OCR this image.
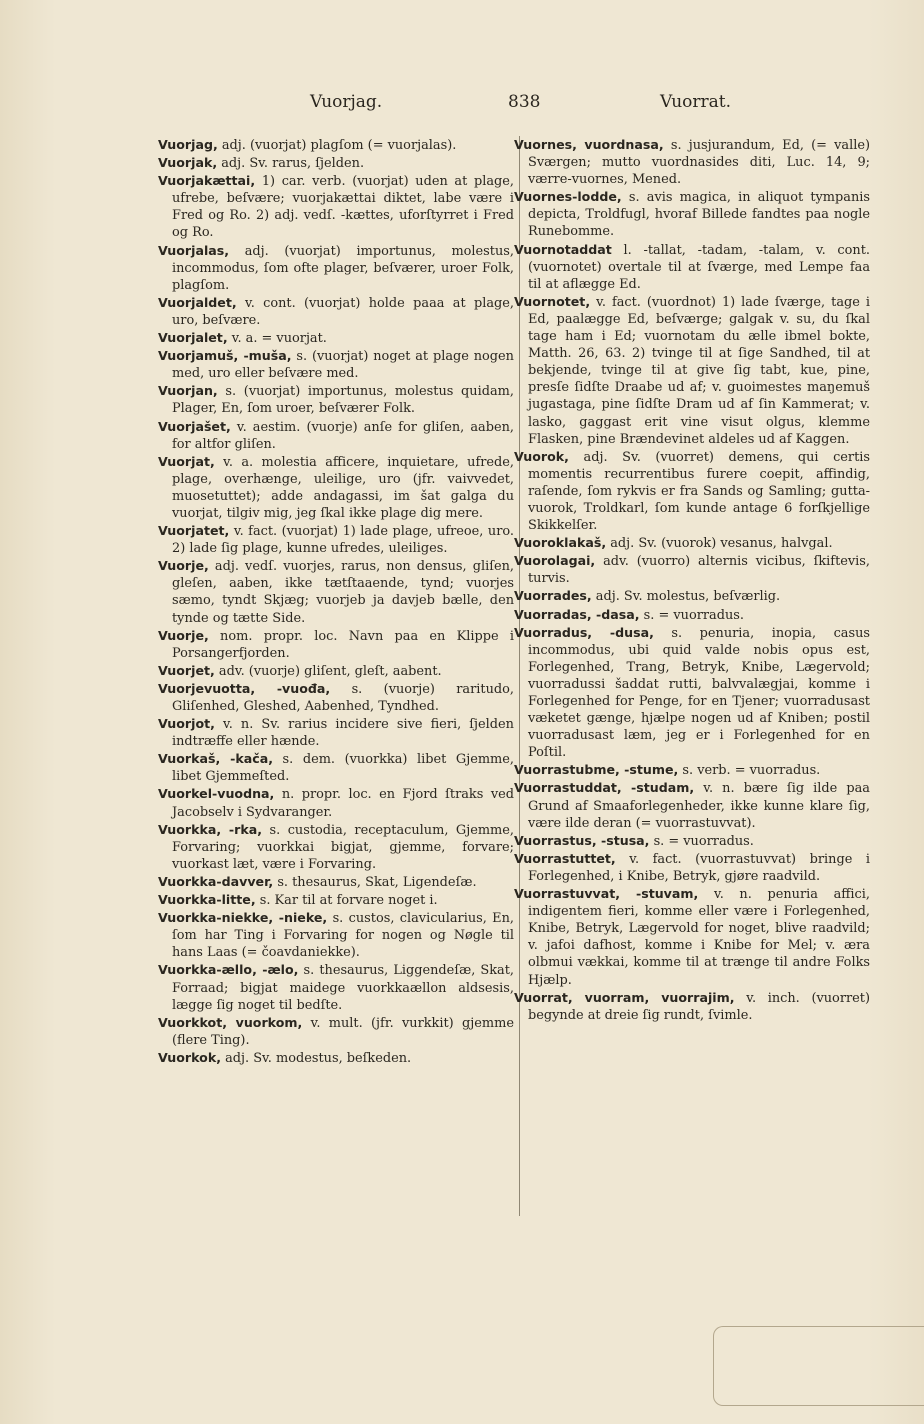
Vuorjag.	838	Vuorrat.

Vuorjag, adj. (vuorjat) plagſom (= vuorjalas).

Vuorjak, adj. Sv. rarus, ſjelden.

Vuorjakættai, 1) car. verb. (vuorjat) uden at plage, ufrebe, beſvære; vuorjakættai diktet, labe være i Fred og Ro. 2) adj. vedſ. -kættes, uforſtyrret i Fred og Ro.

Vuorjalas, adj. (vuorjat) importunus, molestus, incommodus, ſom ofte plager, beſværer, uroer Folk, plagſom.

Vuorjaldet, v. cont. (vuorjat) holde paaa at plage, uro, beſvære.

Vuorjalet, v. a. = vuorjat.

Vuorjamuš, -muša, s. (vuorjat) noget at plage nogen med, uro eller beſvære med.

Vuorjan, s. (vuorjat) importunus, molestus quidam, Plager, En, ſom uroer, beſværer Folk.

Vuorjašet, v. aestim. (vuorje) anſe for gliſen, aaben, for altfor gliſen.

Vuorjat, v. a. molestia afficere, inquietare, ufrede, plage, overhænge, uleilige, uro (jfr. vaivvedet, muosetuttet); adde andagassi, im šat galga du vuorjat, tilgiv mig, jeg ſkal ikke plage dig mere.

Vuorjatet, v. fact. (vuorjat) 1) lade plage, ufreoe, uro. 2) lade ſig plage, kunne ufredes, uleiliges.

Vuorje, adj. vedſ. vuorjes, rarus, non densus, gliſen, gleſen, aaben, ikke tætſtaaende, tynd; vuorjes sæmo, tyndt Skjæg; vuorjeb ja davjeb bælle, den tynde og tætte Side.

Vuorje, nom. propr. loc. Navn paa en Klippe i Porsangerfjorden.

Vuorjet, adv. (vuorje) gliſent, gleſt, aabent.

Vuorjevuotta, -vuođa, s. (vuorje) raritudo, Gliſenhed, Gleshed, Aabenhed, Tyndhed.

Vuorjot, v. n. Sv. rarius incidere sive fieri, ſjelden indtræffe eller hænde.

Vuorkaš, -kača, s. dem. (vuorkka) libet Gjemme, libet Gjemmeſted.

Vuorkel-vuodna, n. propr. loc. en Fjord ſtraks ved Jacobselv i Sydvaranger.

Vuorkka, -rka, s. custodia, receptaculum, Gjemme, Forvaring; vuorkkai bigjat, gjemme, forvare; vuorkast læt, være i Forvaring.

Vuorkka-davver, s. thesaurus, Skat, Ligendeſæ.

Vuorkka-litte, s. Kar til at forvare noget i.

Vuorkka-niekke, -nieke, s. custos, clavicularius, En, ſom har Ting i Forvaring for nogen og Nøgle til hans Laas (= čoavdaniekke).

Vuorkka-ællo, -ælo, s. thesaurus, Liggendeſæ, Skat, Forraad; bigjat maidege vuorkkaællon aldsesis, lægge ſig noget til bedſte.

Vuorkkot, vuorkom, v. mult. (jfr. vurkkit) gjemme (flere Ting).

Vuorkok, adj. Sv. modestus, beſkeden.

Vuornes, vuordnasa, s. jusjurandum, Ed, (= valle) Sværgen; mutto vuordnasides diti, Luc. 14, 9; værre-vuornes, Mened.

Vuornes-lodde, s. avis magica, in aliquot tympanis depicta, Troldfugl, hvoraf Billede fandtes paa nogle Runebomme.

Vuornotaddat l. -tallat, -tadam, -talam, v. cont. (vuornotet) overtale til at ſværge, med Lempe faa til at aflægge Ed.

Vuornotet, v. fact. (vuordnot) 1) lade ſværge, tage i Ed, paalægge Ed, beſværge; galgak v. su, du ſkal tage ham i Ed; vuornotam du ælle ibmel bokte, Matth. 26, 63. 2) tvinge til at ſige Sandhed, til at bekjende, tvinge til at give ſig tabt, kue, pine, presſe ſidſte Draabe ud af; v. guoimestes maŋemuš jugastaga, pine ſidſte Dram ud af ſin Kammerat; v. lasko, gaggast erit vine visut olgus, klemme Flasken, pine Brændevinet aldeles ud af Kaggen.

Vuorok, adj. Sv. (vuorret) demens, qui certis momentis recurrentibus furere coepit, affindig, raſende, ſom rykvis er fra Sands og Samling; gutta-vuorok, Troldkarl, ſom kunde antage 6 forſkjellige Skikkelſer.

Vuoroklakaš, adj. Sv. (vuorok) vesanus, halvgal.

Vuorolagai, adv. (vuorro) alternis vicibus, ſkiftevis, turvis.

Vuorrades, adj. Sv. molestus, beſværlig.

Vuorradas, -dasa, s. = vuorradus.

Vuorradus, -dusa, s. penuria, inopia, casus incommodus, ubi quid valde nobis opus est, Forlegenhed, Trang, Betryk, Knibe, Lægervold; vuorradussi šaddat rutti, balvvalægjai, komme i Forlegenhed for Penge, for en Tjener; vuorradusast væketet gænge, hjælpe nogen ud af Kniben; postil vuorradusast læm, jeg er i Forlegenhed for en Poſtil.

Vuorrastubme, -stume, s. verb. = vuorradus.

Vuorrastuddat, -studam, v. n. bære ſig ilde paa Grund af Smaaforlegenheder, ikke kunne klare ſig, være ilde deran (= vuorrastuvvat).

Vuorrastus, -stusa, s. = vuorradus.

Vuorrastuttet, v. fact. (vuorrastuvvat) bringe i Forlegenhed, i Knibe, Betryk, gjøre raadvild.

Vuorrastuvvat, -stuvam, v. n. penuria affici, indigentem fieri, komme eller være i Forlegenhed, Knibe, Betryk, Lægervold for noget, blive raadvild; v. jafoi dafhost, komme i Knibe for Mel; v. æra olbmui vækkai, komme til at trænge til andre Folks Hjælp.

Vuorrat, vuorram, vuorrajim, v. inch. (vuorret) begynde at dreie ſig rundt, ſvimle.
